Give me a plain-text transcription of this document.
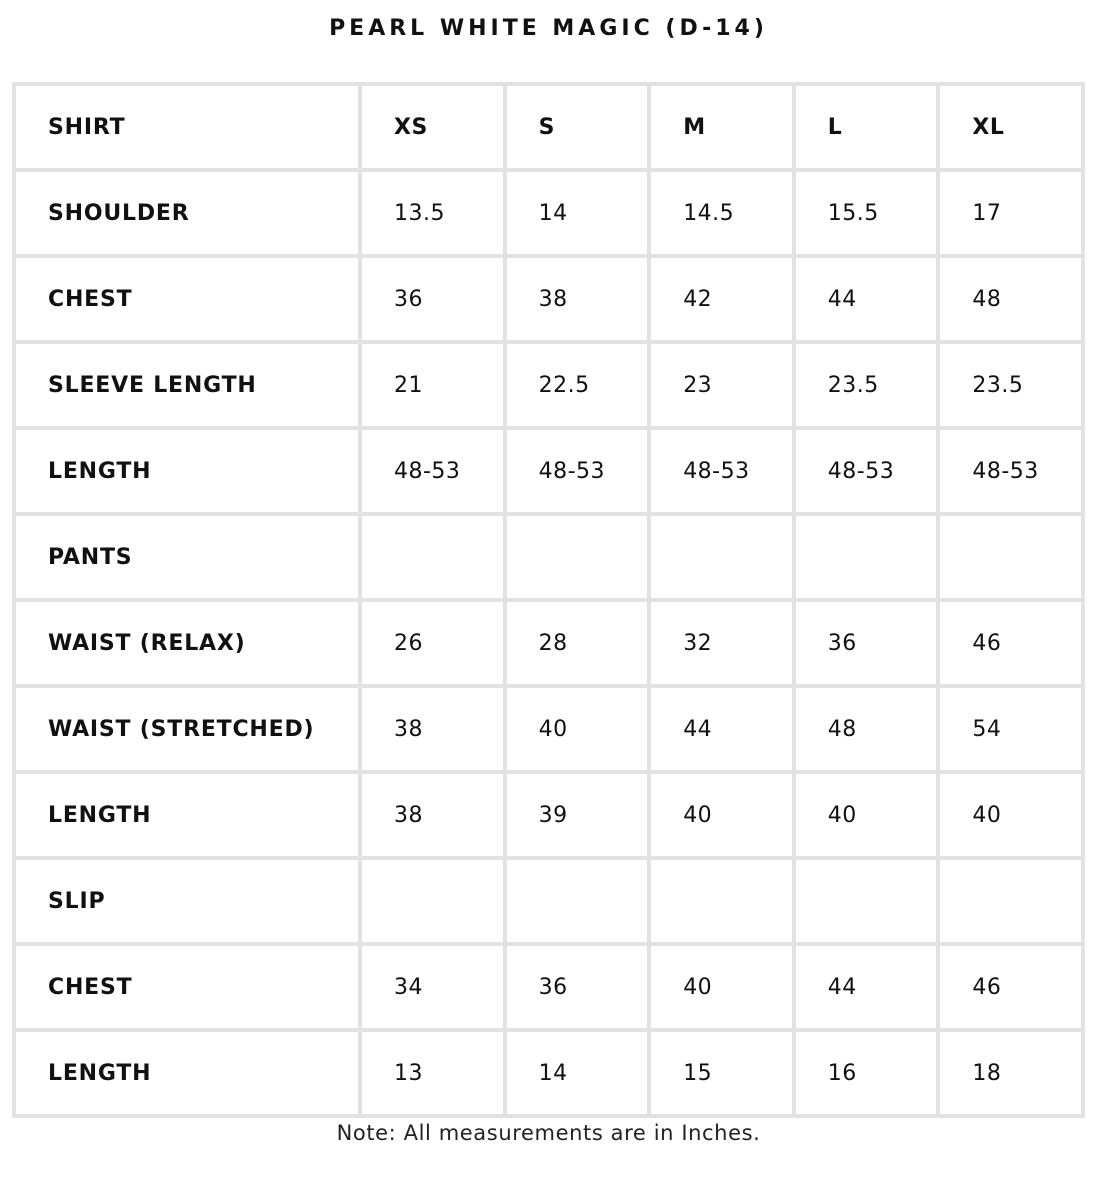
PEARL WHITE MAGIC (D-14)
SHIRT	XS	S	M	L	XL
SHOULDER	13.5	14	14.5	15.5	17
CHEST	36	38	42	44	48
SLEEVE LENGTH	21	22.5	23	23.5	23.5
LENGTH	48-53	48-53	48-53	48-53	48-53
PANTS					
WAIST (RELAX)	26	28	32	36	46
WAIST (STRETCHED)	38	40	44	48	54
LENGTH	38	39	40	40	40
SLIP					
CHEST	34	36	40	44	46
LENGTH	13	14	15	16	18
Note: All measurements are in Inches.
